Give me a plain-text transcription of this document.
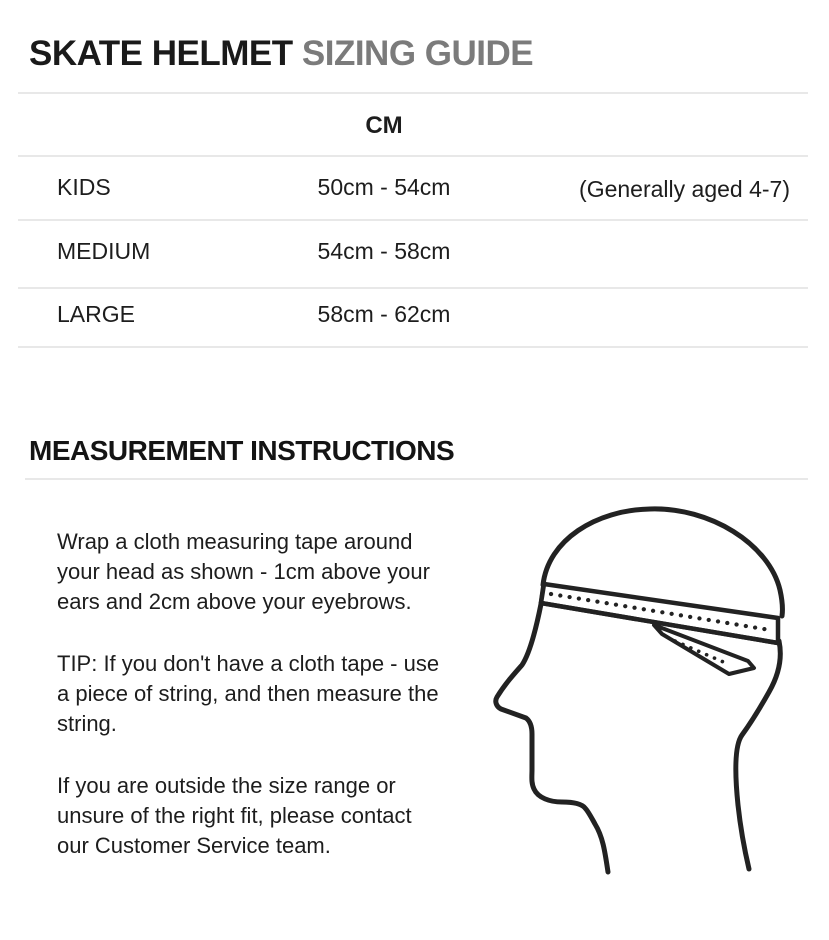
SKATE HELMET SIZING GUIDE
CM
KIDS	50cm - 54cm	(Generally aged 4-7)
MEDIUM	54cm - 58cm
LARGE	58cm - 62cm
MEASUREMENT INSTRUCTIONS
Wrap a cloth measuring tape around
your head as shown - 1cm above your
ears and 2cm above your eyebrows.
TIP: If you don't have a cloth tape - use
a piece of string, and then measure the
string.
If you are outside the size range or
unsure of the right fit, please contact
our Customer Service team.
